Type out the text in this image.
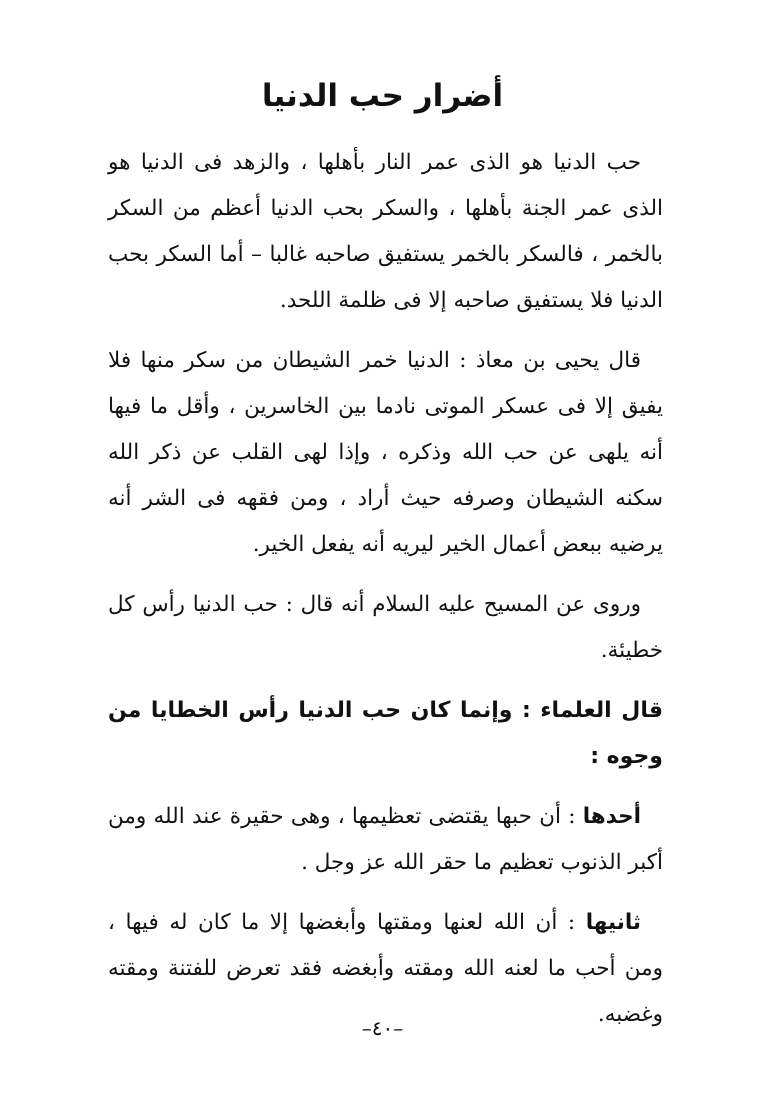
أضرار حب الدنيا

حب الدنيا هو الذى عمر النار بأهلها ، والزهد فى الدنيا هو الذى عمر الجنة بأهلها ، والسكر بحب الدنيا أعظم من السكر بالخمر ، فالسكر بالخمر يستفيق صاحبه غالبا – أما السكر بحب الدنيا فلا يستفيق صاحبه إلا فى ظلمة اللحد.

قال يحيى بن معاذ : الدنيا خمر الشيطان من سكر منها فلا يفيق إلا فى عسكر الموتى نادما بين الخاسرين ، وأقل ما فيها أنه يلهى عن حب الله وذكره ، وإذا لهى القلب عن ذكر الله سكنه الشيطان وصرفه حيث أراد ، ومن فقهه فى الشر أنه يرضيه ببعض أعمال الخير ليريه أنه يفعل الخير.

وروى عن المسيح عليه السلام أنه قال : حب الدنيا رأس كل خطيئة.

قال العلماء : وإنما كان حب الدنيا رأس الخطايا من وجوه :

أحدها : أن حبها يقتضى تعظيمها ، وهى حقيرة عند الله ومن أكبر الذنوب تعظيم ما حقر الله عز وجل .

ثانيها : أن الله لعنها ومقتها وأبغضها إلا ما كان له فيها ، ومن أحب ما لعنه الله ومقته وأبغضه فقد تعرض للفتنة ومقته وغضبه.

–٤٠–
